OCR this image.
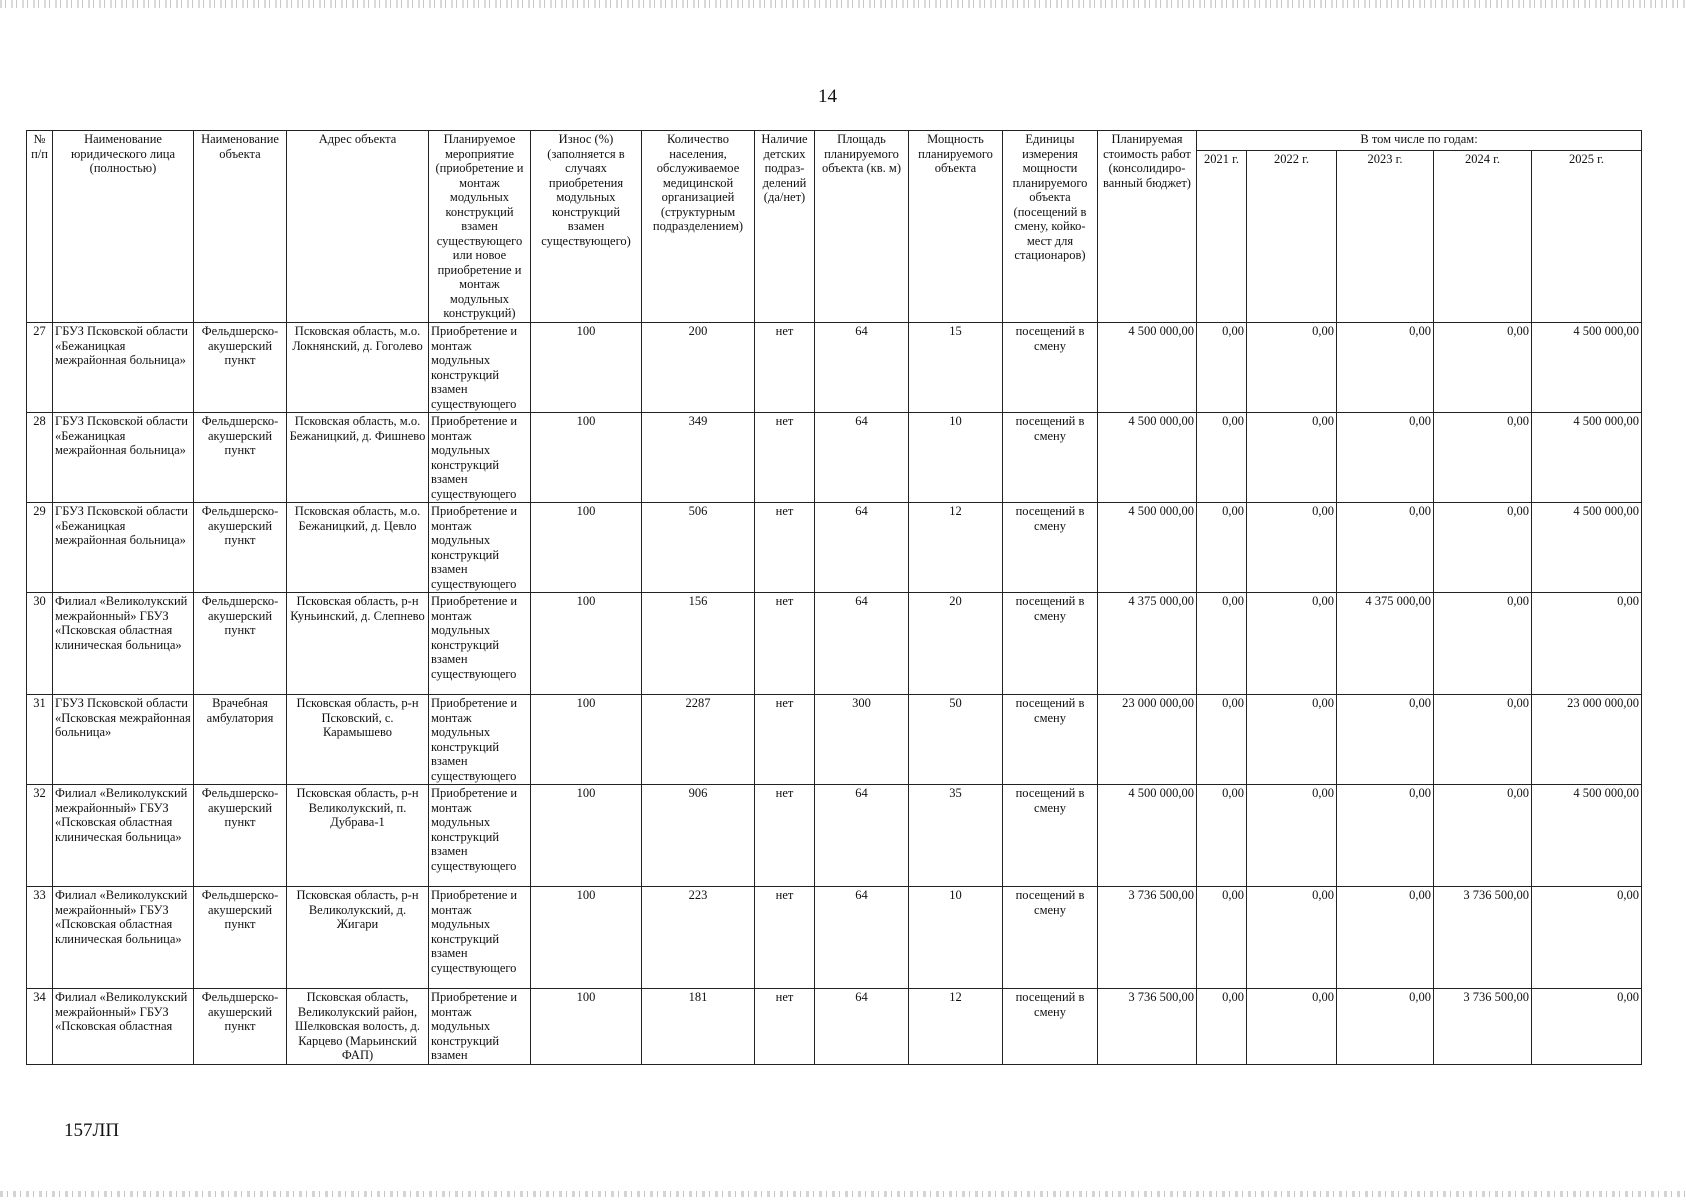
14
№ п/п	Наименование юридического лица (полностью)	Наименование объекта	Адрес объекта	Планируемое мероприятие (приобретение и монтаж модульных конструкций взамен существующего или новое приобретение и монтаж модульных конструкций)	Износ (%) (заполняется в случаях приобретения модульных конструкций взамен существующего)	Количество населения, обслуживаемое медицинской организацией (структурным подразделением)	Наличие детских подраз- делений (да/нет)	Площадь планируемого объекта (кв. м)	Мощность планируемого объекта	Единицы измерения мощности планируемого объекта (посещений в смену, койко-мест для стационаров)	Планируемая стоимость работ (консолидиро- ванный бюджет)	В том числе по годам:				
												2021 г.	2022 г.	2023 г.	2024 г.	2025 г.
27	ГБУЗ Псковской области «Бежаницкая межрайонная больница»	Фельдшерско-акушерский пункт	Псковская область, м.о. Локнянский, д. Гоголево	Приобретение и монтаж модульных конструкций взамен существующего	100	200	нет	64	15	посещений в смену	4 500 000,00	0,00	0,00	0,00	0,00	4 500 000,00
28	ГБУЗ Псковской области «Бежаницкая межрайонная больница»	Фельдшерско-акушерский пункт	Псковская область, м.о. Бежаницкий, д. Фишнево	Приобретение и монтаж модульных конструкций взамен существующего	100	349	нет	64	10	посещений в смену	4 500 000,00	0,00	0,00	0,00	0,00	4 500 000,00
29	ГБУЗ Псковской области «Бежаницкая межрайонная больница»	Фельдшерско-акушерский пункт	Псковская область, м.о. Бежаницкий, д. Цевло	Приобретение и монтаж модульных конструкций взамен существующего	100	506	нет	64	12	посещений в смену	4 500 000,00	0,00	0,00	0,00	0,00	4 500 000,00
30	Филиал «Великолукский межрайонный» ГБУЗ «Псковская областная клиническая больница»	Фельдшерско-акушерский пункт	Псковская область, р-н Куньинский, д. Слепнево	Приобретение и монтаж модульных конструкций взамен существующего	100	156	нет	64	20	посещений в смену	4 375 000,00	0,00	0,00	4 375 000,00	0,00	0,00
31	ГБУЗ Псковской области «Псковская межрайонная больница»	Врачебная амбулатория	Псковская область, р-н Псковский, с. Карамышево	Приобретение и монтаж модульных конструкций взамен существующего	100	2287	нет	300	50	посещений в смену	23 000 000,00	0,00	0,00	0,00	0,00	23 000 000,00
32	Филиал «Великолукский межрайонный» ГБУЗ «Псковская областная клиническая больница»	Фельдшерско-акушерский пункт	Псковская область, р-н Великолукский, п. Дубрава-1	Приобретение и монтаж модульных конструкций взамен существующего	100	906	нет	64	35	посещений в смену	4 500 000,00	0,00	0,00	0,00	0,00	4 500 000,00
33	Филиал «Великолукский межрайонный» ГБУЗ «Псковская областная клиническая больница»	Фельдшерско-акушерский пункт	Псковская область, р-н Великолукский, д. Жигари	Приобретение и монтаж модульных конструкций взамен существующего	100	223	нет	64	10	посещений в смену	3 736 500,00	0,00	0,00	0,00	3 736 500,00	0,00
34	Филиал «Великолукский межрайонный» ГБУЗ «Псковская областная	Фельдшерско-акушерский пункт	Псковская область, Великолукский район, Шелковская волость, д. Карцево (Марьинский ФАП)	Приобретение и монтаж модульных конструкций взамен	100	181	нет	64	12	посещений в смену	3 736 500,00	0,00	0,00	0,00	3 736 500,00	0,00
157ЛП
